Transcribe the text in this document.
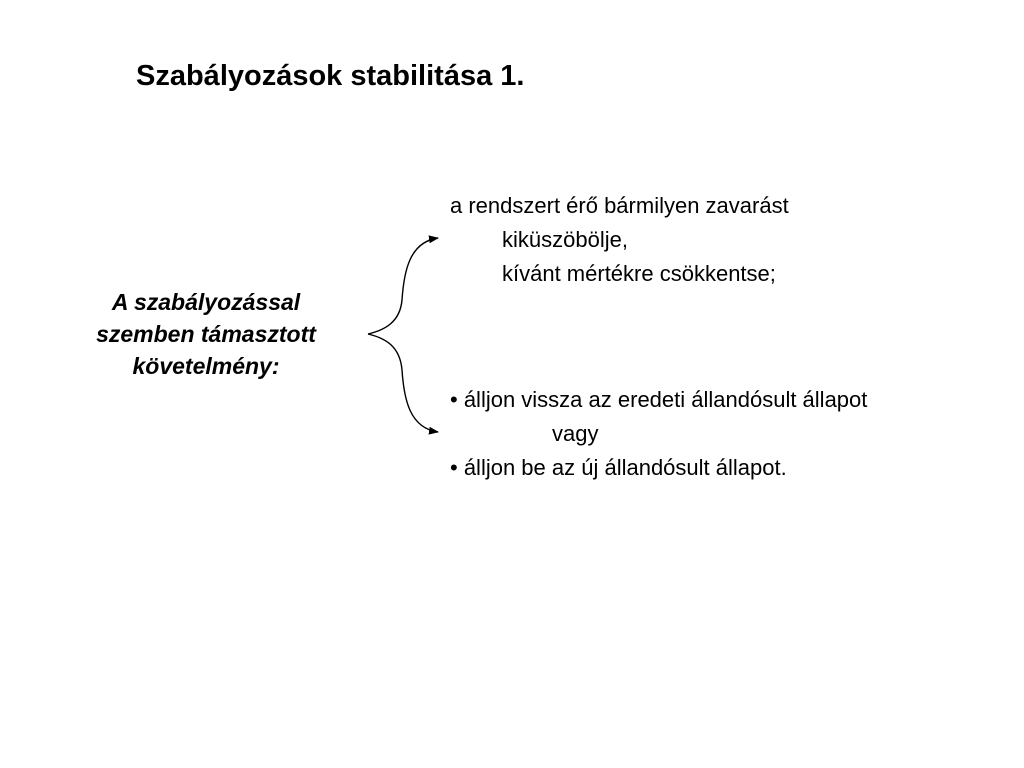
Szabályozások stabilitása 1.
A szabályozással
szemben támasztott
követelmény:
a rendszert érő bármilyen zavarást
kiküszöbölje,
kívánt mértékre csökkentse;
• álljon vissza az eredeti állandósult állapot
vagy
• álljon be az új állandósult állapot.
